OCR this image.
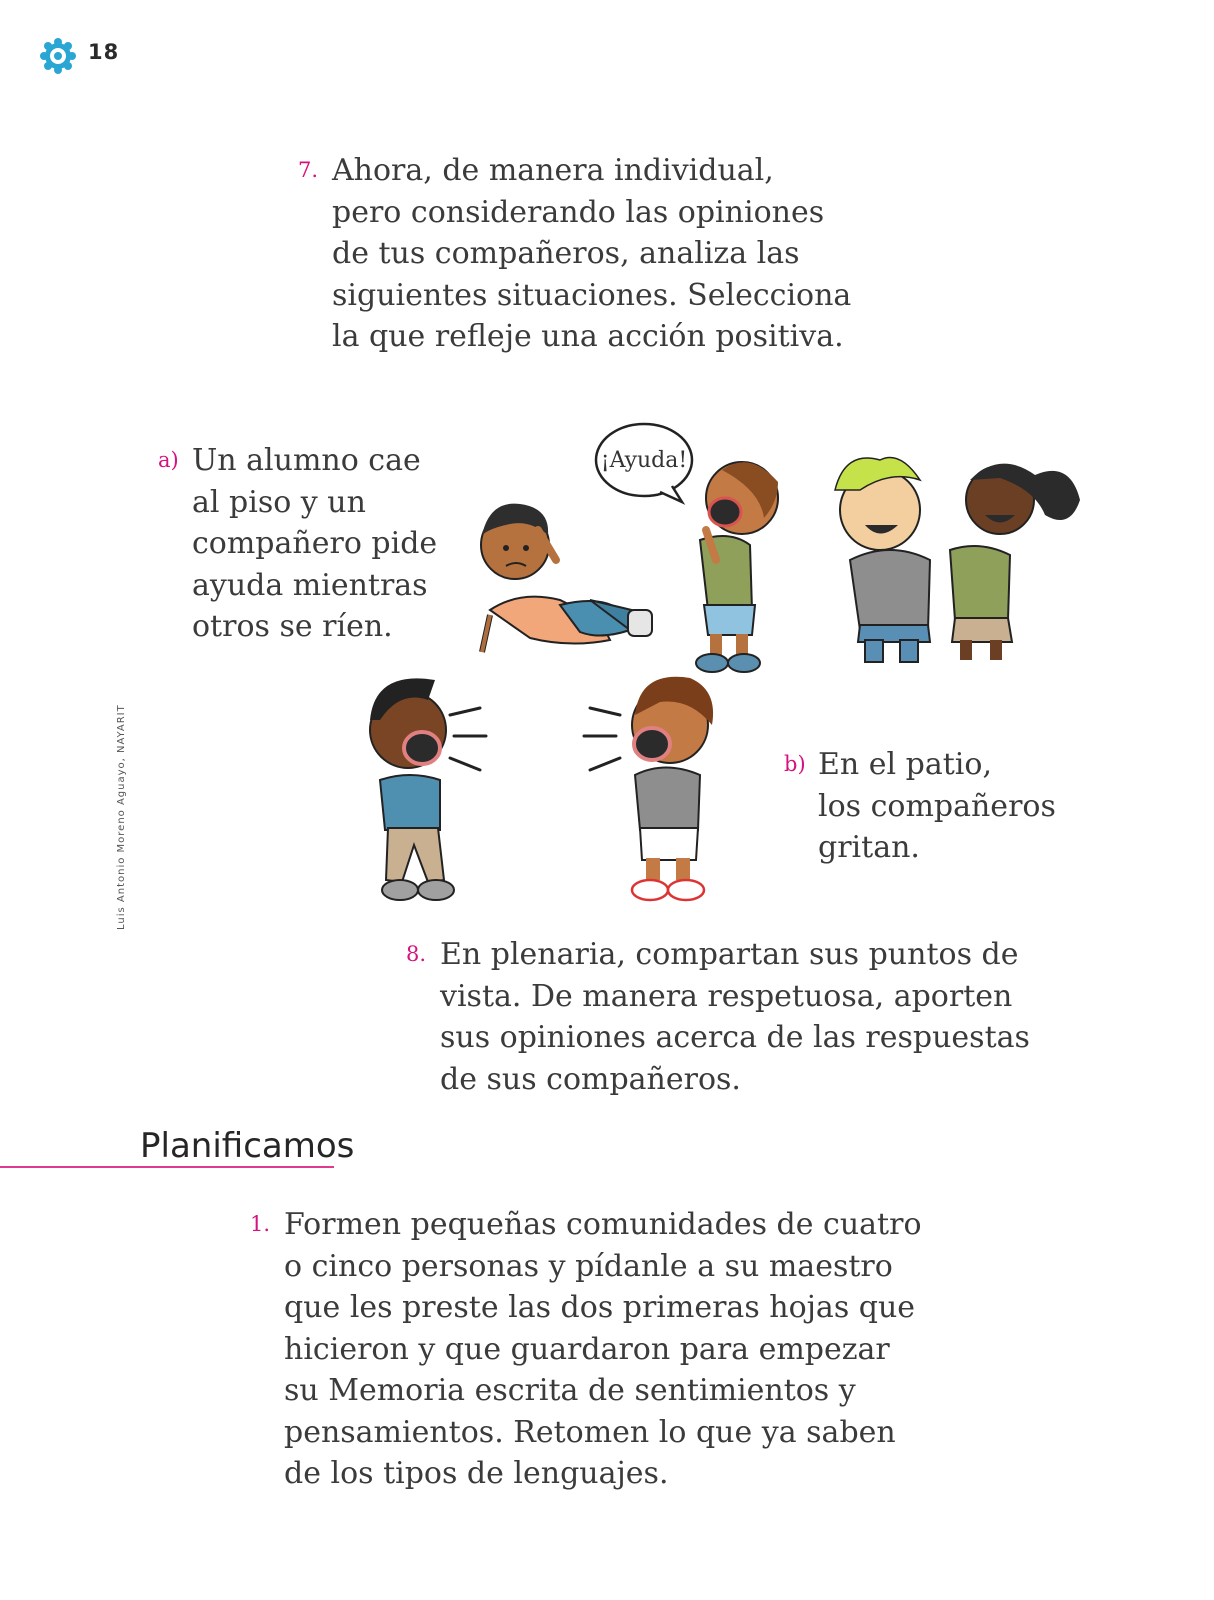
18
7. Ahora, de manera individual,
pero considerando las opiniones
de tus compañeros, analiza las
siguientes situaciones. Selecciona
la que refleje una acción positiva.
a) Un alumno cae
al piso y un
compañero pide
ayuda mientras
otros se ríen.
¡Ayuda!
b) En el patio,
los compañeros
gritan.
Luis Antonio Moreno Aguayo, NAYARIT
8. En plenaria, compartan sus puntos de
vista. De manera respetuosa, aporten
sus opiniones acerca de las respuestas
de sus compañeros.
Planificamos
1. Formen pequeñas comunidades de cuatro
o cinco personas y pídanle a su maestro
que les preste las dos primeras hojas que
hicieron y que guardaron para empezar
su Memoria escrita de sentimientos y
pensamientos. Retomen lo que ya saben
de los tipos de lenguajes.
